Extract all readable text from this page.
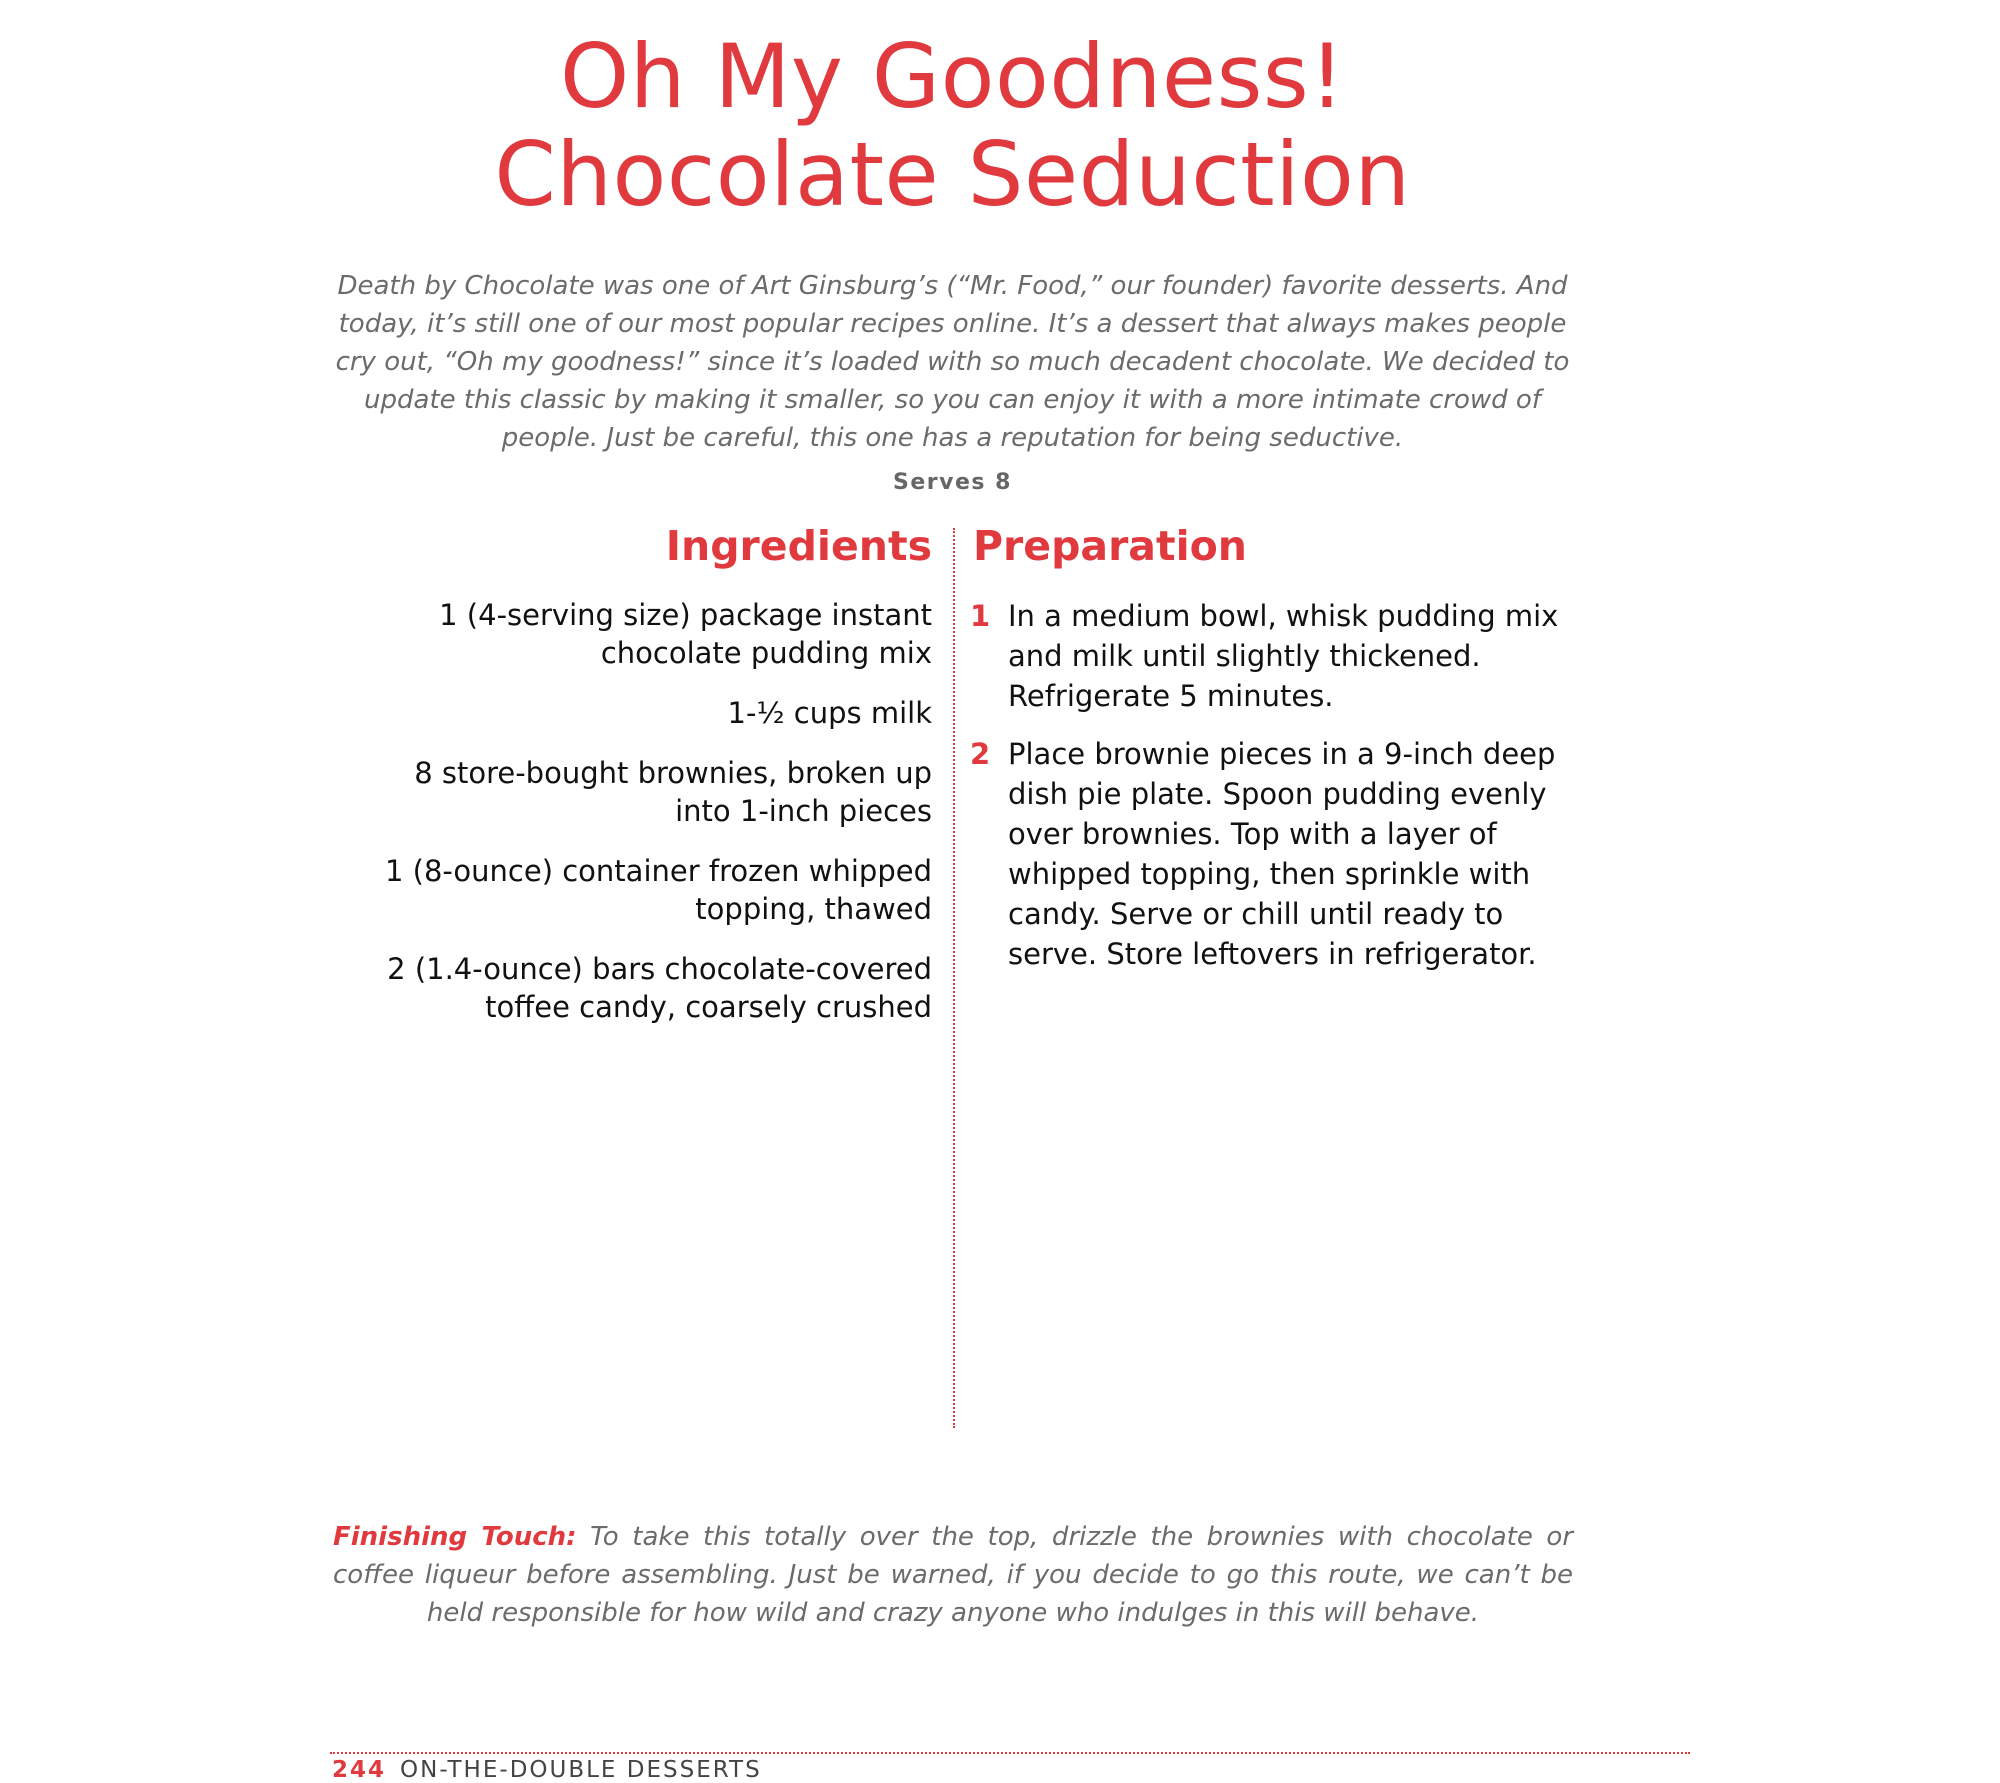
Oh My Goodness!
Chocolate Seduction
Death by Chocolate was one of Art Ginsburg’s (“Mr. Food,” our founder) favorite desserts. And today, it’s still one of our most popular recipes online. It’s a dessert that always makes people cry out, “Oh my goodness!” since it’s loaded with so much decadent chocolate. We decided to update this classic by making it smaller, so you can enjoy it with a more intimate crowd of people. Just be careful, this one has a reputation for being seductive.
Serves 8
Ingredients Preparation
1 (4-serving size) package instant chocolate pudding mix
1-½ cups milk
8 store-bought brownies, broken up into 1-inch pieces
1 (8-ounce) container frozen whipped topping, thawed
2 (1.4-ounce) bars chocolate-covered toffee candy, coarsely crushed
1 In a medium bowl, whisk pudding mix and milk until slightly thickened. Refrigerate 5 minutes.
2 Place brownie pieces in a 9-inch deep dish pie plate. Spoon pudding evenly over brownies. Top with a layer of whipped topping, then sprinkle with candy. Serve or chill until ready to serve. Store leftovers in refrigerator.
Finishing Touch: To take this totally over the top, drizzle the brownies with chocolate or coffee liqueur before assembling. Just be warned, if you decide to go this route, we can’t be held responsible for how wild and crazy anyone who indulges in this will behave.
244 ON-THE-DOUBLE DESSERTS
